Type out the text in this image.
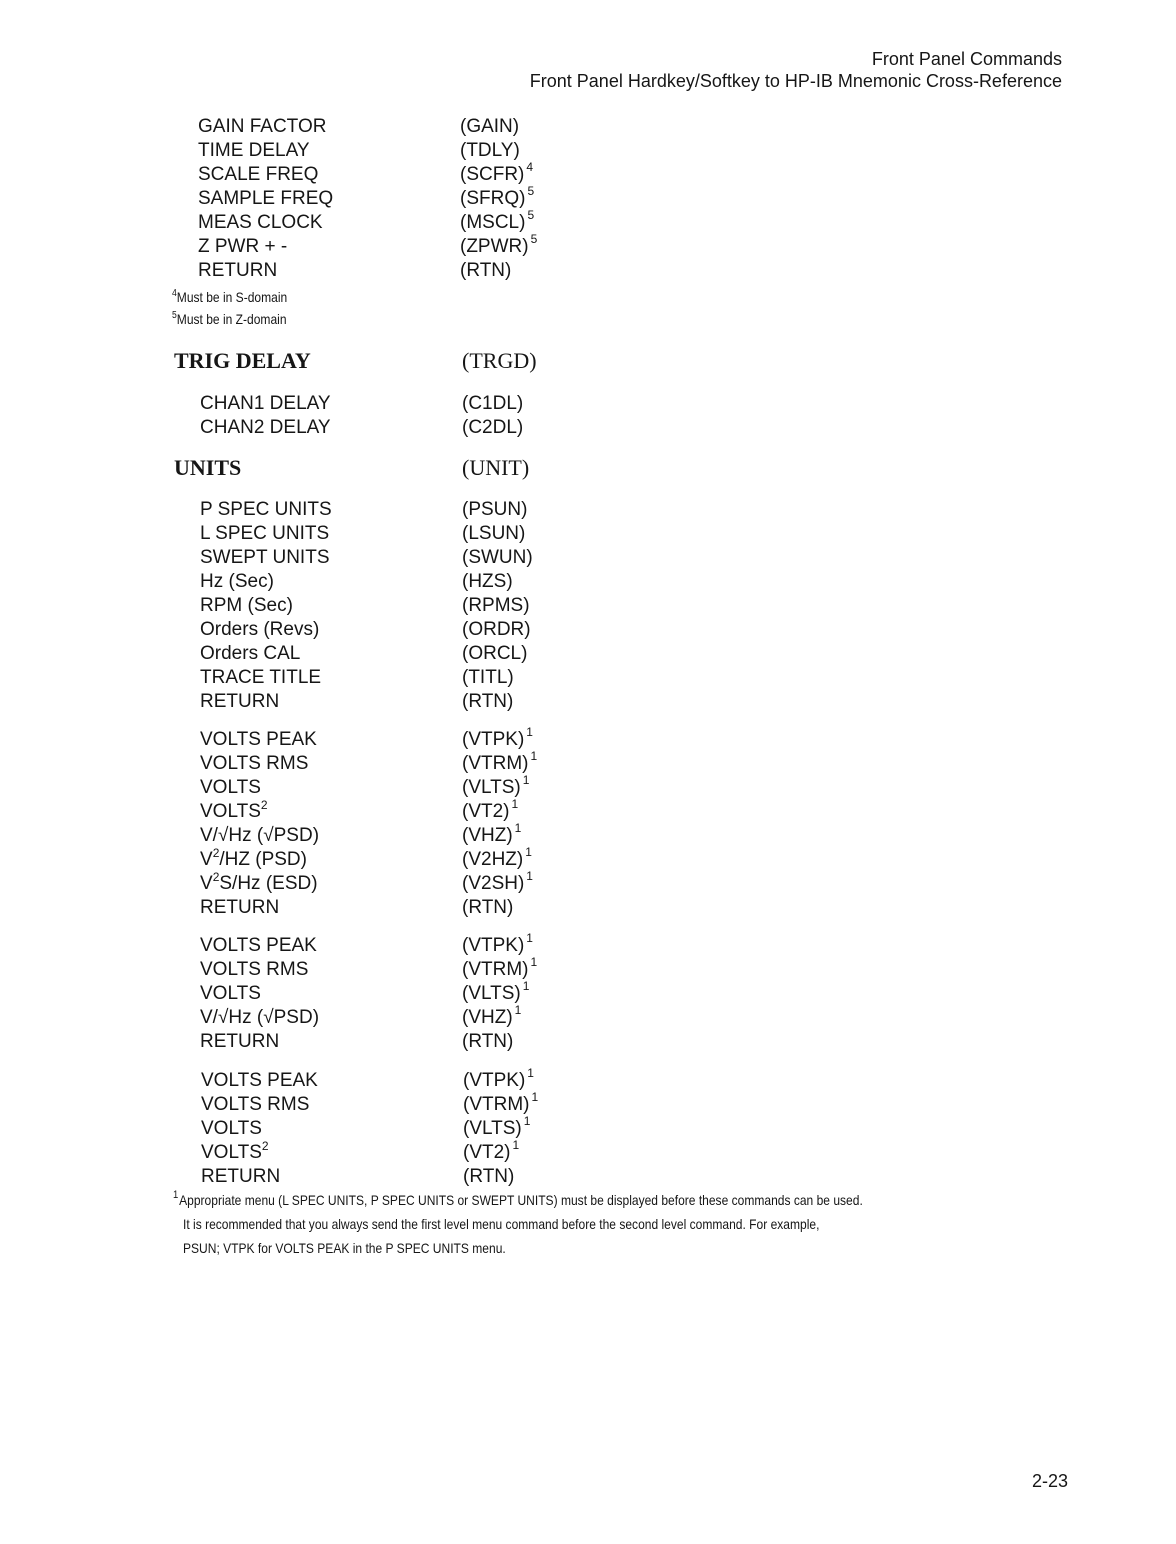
Front Panel Commands
Front Panel Hardkey/Softkey to HP-IB Mnemonic Cross-Reference
GAIN FACTOR	(GAIN)
TIME DELAY	(TDLY)
SCALE FREQ	(SCFR) $^4$
SAMPLE FREQ	(SFRQ) $^5$
MEAS CLOCK	(MSCL) $^5$
Z PWR + -	(ZPWR) $^5$
RETURN	(RTN)
$^4$Must be in S-domain
$^5$Must be in Z-domain
TRIG DELAY	(TRGD)
CHAN1 DELAY	(C1DL)
CHAN2 DELAY	(C2DL)
UNITS	(UNIT)
P SPEC UNITS	(PSUN)
L SPEC UNITS	(LSUN)
SWEPT UNITS	(SWUN)
Hz (Sec)	(HZS)
RPM (Sec)	(RPMS)
Orders (Revs)	(ORDR)
Orders CAL	(ORCL)
TRACE TITLE	(TITL)
RETURN	(RTN)
VOLTS PEAK	(VTPK) $^1$
VOLTS RMS	(VTRM) $^1$
VOLTS	(VLTS) $^1$
VOLTS$^2$	(VT2) $^1$
V/√Hz (√PSD)	(VHZ) $^1$
$V^2/HZ$ (PSD)	(V2HZ) $^1$
$V^2S/Hz$ (ESD)	(V2SH) $^1$
RETURN	(RTN)
VOLTS PEAK	(VTPK) $^1$
VOLTS RMS	(VTRM) $^1$
VOLTS	(VLTS) $^1$
V/√Hz (√PSD)	(VHZ) $^1$
RETURN	(RTN)
VOLTS PEAK	(VTPK) $^1$
VOLTS RMS	(VTRM) $^1$
VOLTS	(VLTS) $^1$
VOLTS$^2$	(VT2) $^1$
RETURN	(RTN)
$^1$Appropriate menu (L SPEC UNITS, P SPEC UNITS or SWEPT UNITS) must be displayed before these commands can be used.
It is recommended that you always send the first level menu command before the second level command. For example,
PSUN; VTPK for VOLTS PEAK in the P SPEC UNITS menu.
2-23
